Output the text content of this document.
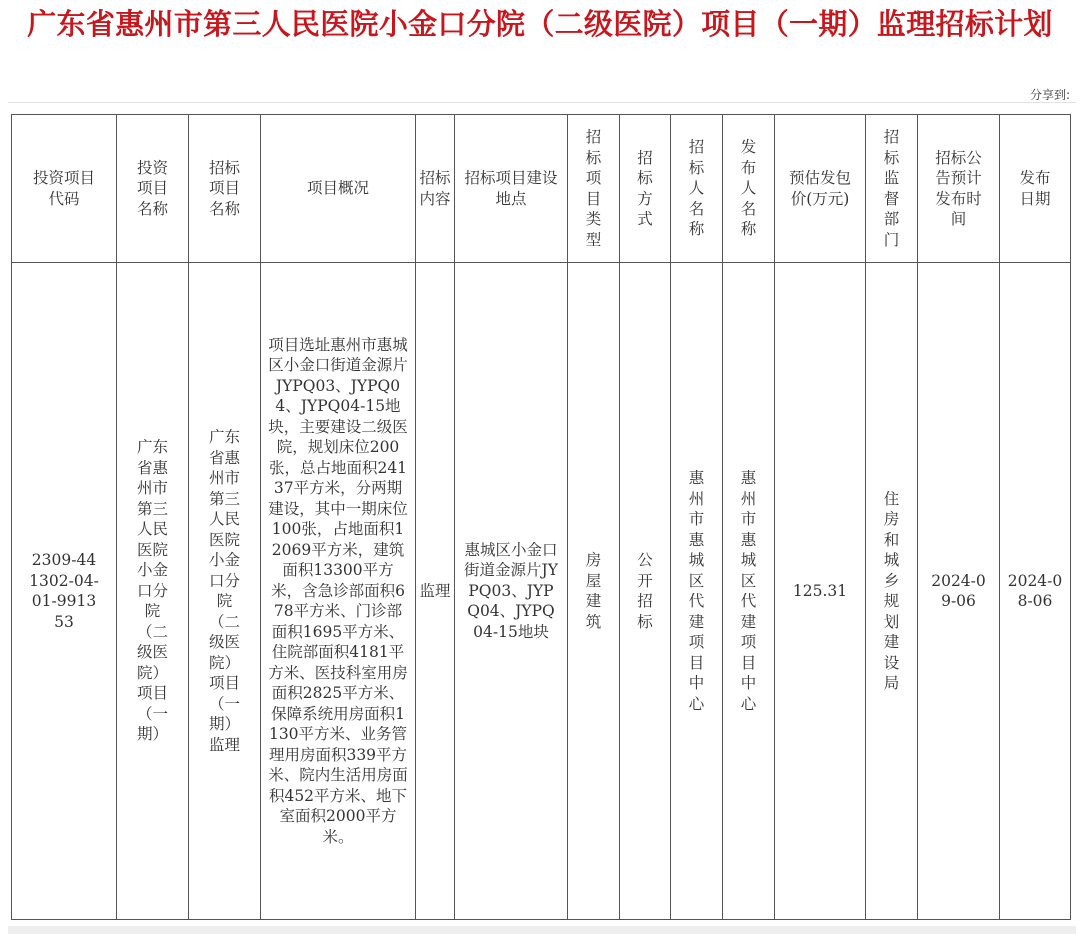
广东省惠州市第三人民医院小金口分院（二级医院）项目（一期）监理招标计划
分享到:
投资项目代码	投资项目名称	招标项目名称	项目概况	招标内容	招标项目建设地点	招标项目类型	招标方式	招标人名称	发布人名称	预估发包价(万元)	招标监督部门	招标公告预计发布时间	发布日期
2309-441302-04-01-991353	广东省惠州市第三人民医院小金口分院（二级医院）项目（一期）	广东省惠州市第三人民医院小金口分院（二级医院）项目（一期）监理	项目选址惠州市惠城区小金口街道金源片JYPQ03、JYPQ04、JYPQ04-15地块，主要建设二级医院，规划床位200张，总占地面积24137平方米，分两期建设，其中一期床位100张，占地面积12069平方米，建筑面积13300平方米，含急诊部面积678平方米、门诊部面积1695平方米、住院部面积4181平方米、医技科室用房面积2825平方米、保障系统用房面积1130平方米、业务管理用房面积339平方米、院内生活用房面积452平方米、地下室面积2000平方米。	监理	惠城区小金口街道金源片JYPQ03、JYPQ04、JYPQ04-15地块	房屋建筑	公开招标	惠州市惠城区代建项目中心	惠州市惠城区代建项目中心	125.31	住房和城乡规划建设局	2024-09-06	2024-08-06
